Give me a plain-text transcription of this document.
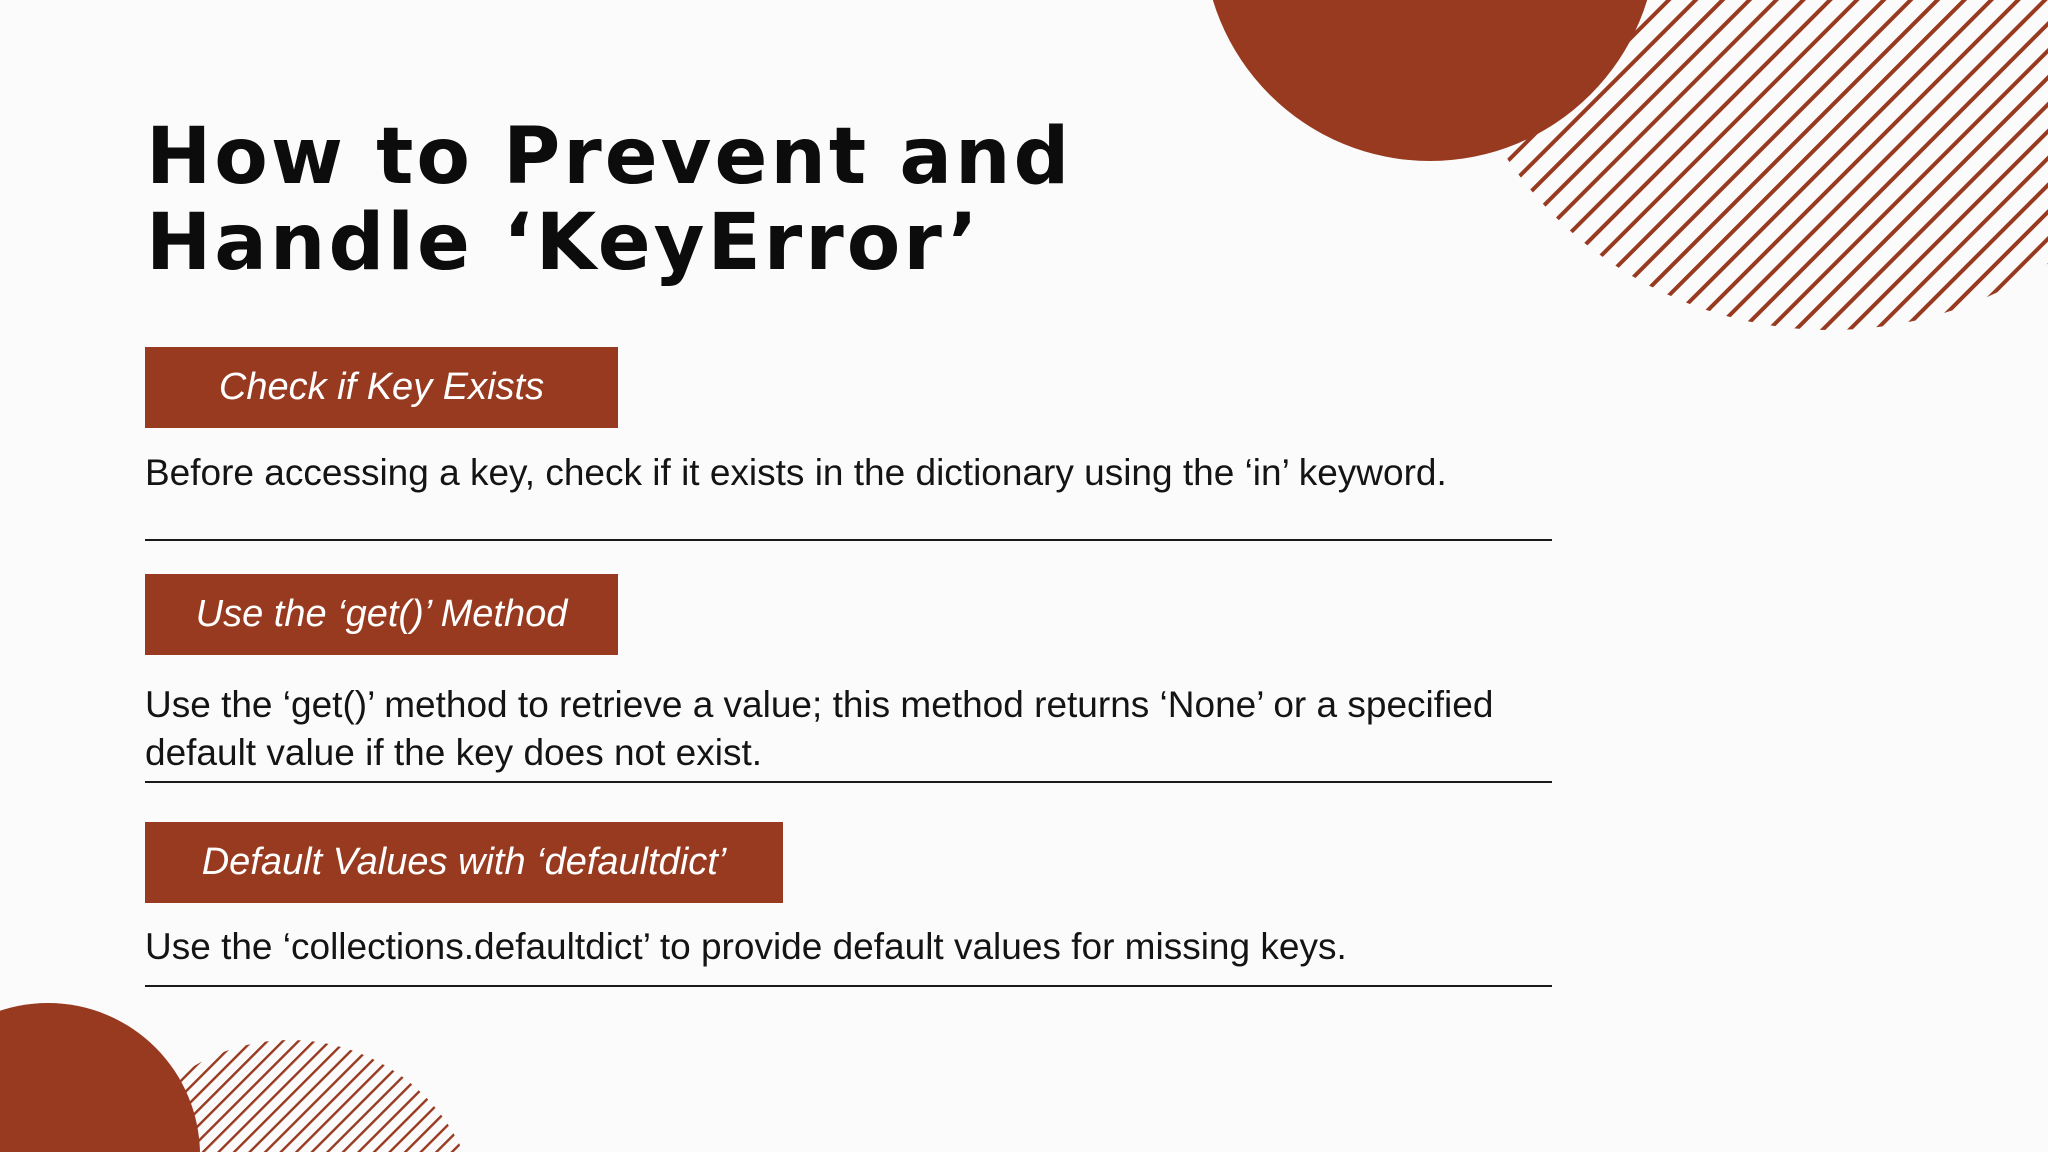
How to Prevent and
Handle ‘KeyError’
Check if Key Exists

Before accessing a key, check if it exists in the dictionary using the ‘in’ keyword.

Use the ‘get()’ Method

Use the ‘get()’ method to retrieve a value; this method returns ‘None’ or a specified default value if the key does not exist.

Default Values with ‘defaultdict’

Use the ‘collections.defaultdict’ to provide default values for missing keys.
